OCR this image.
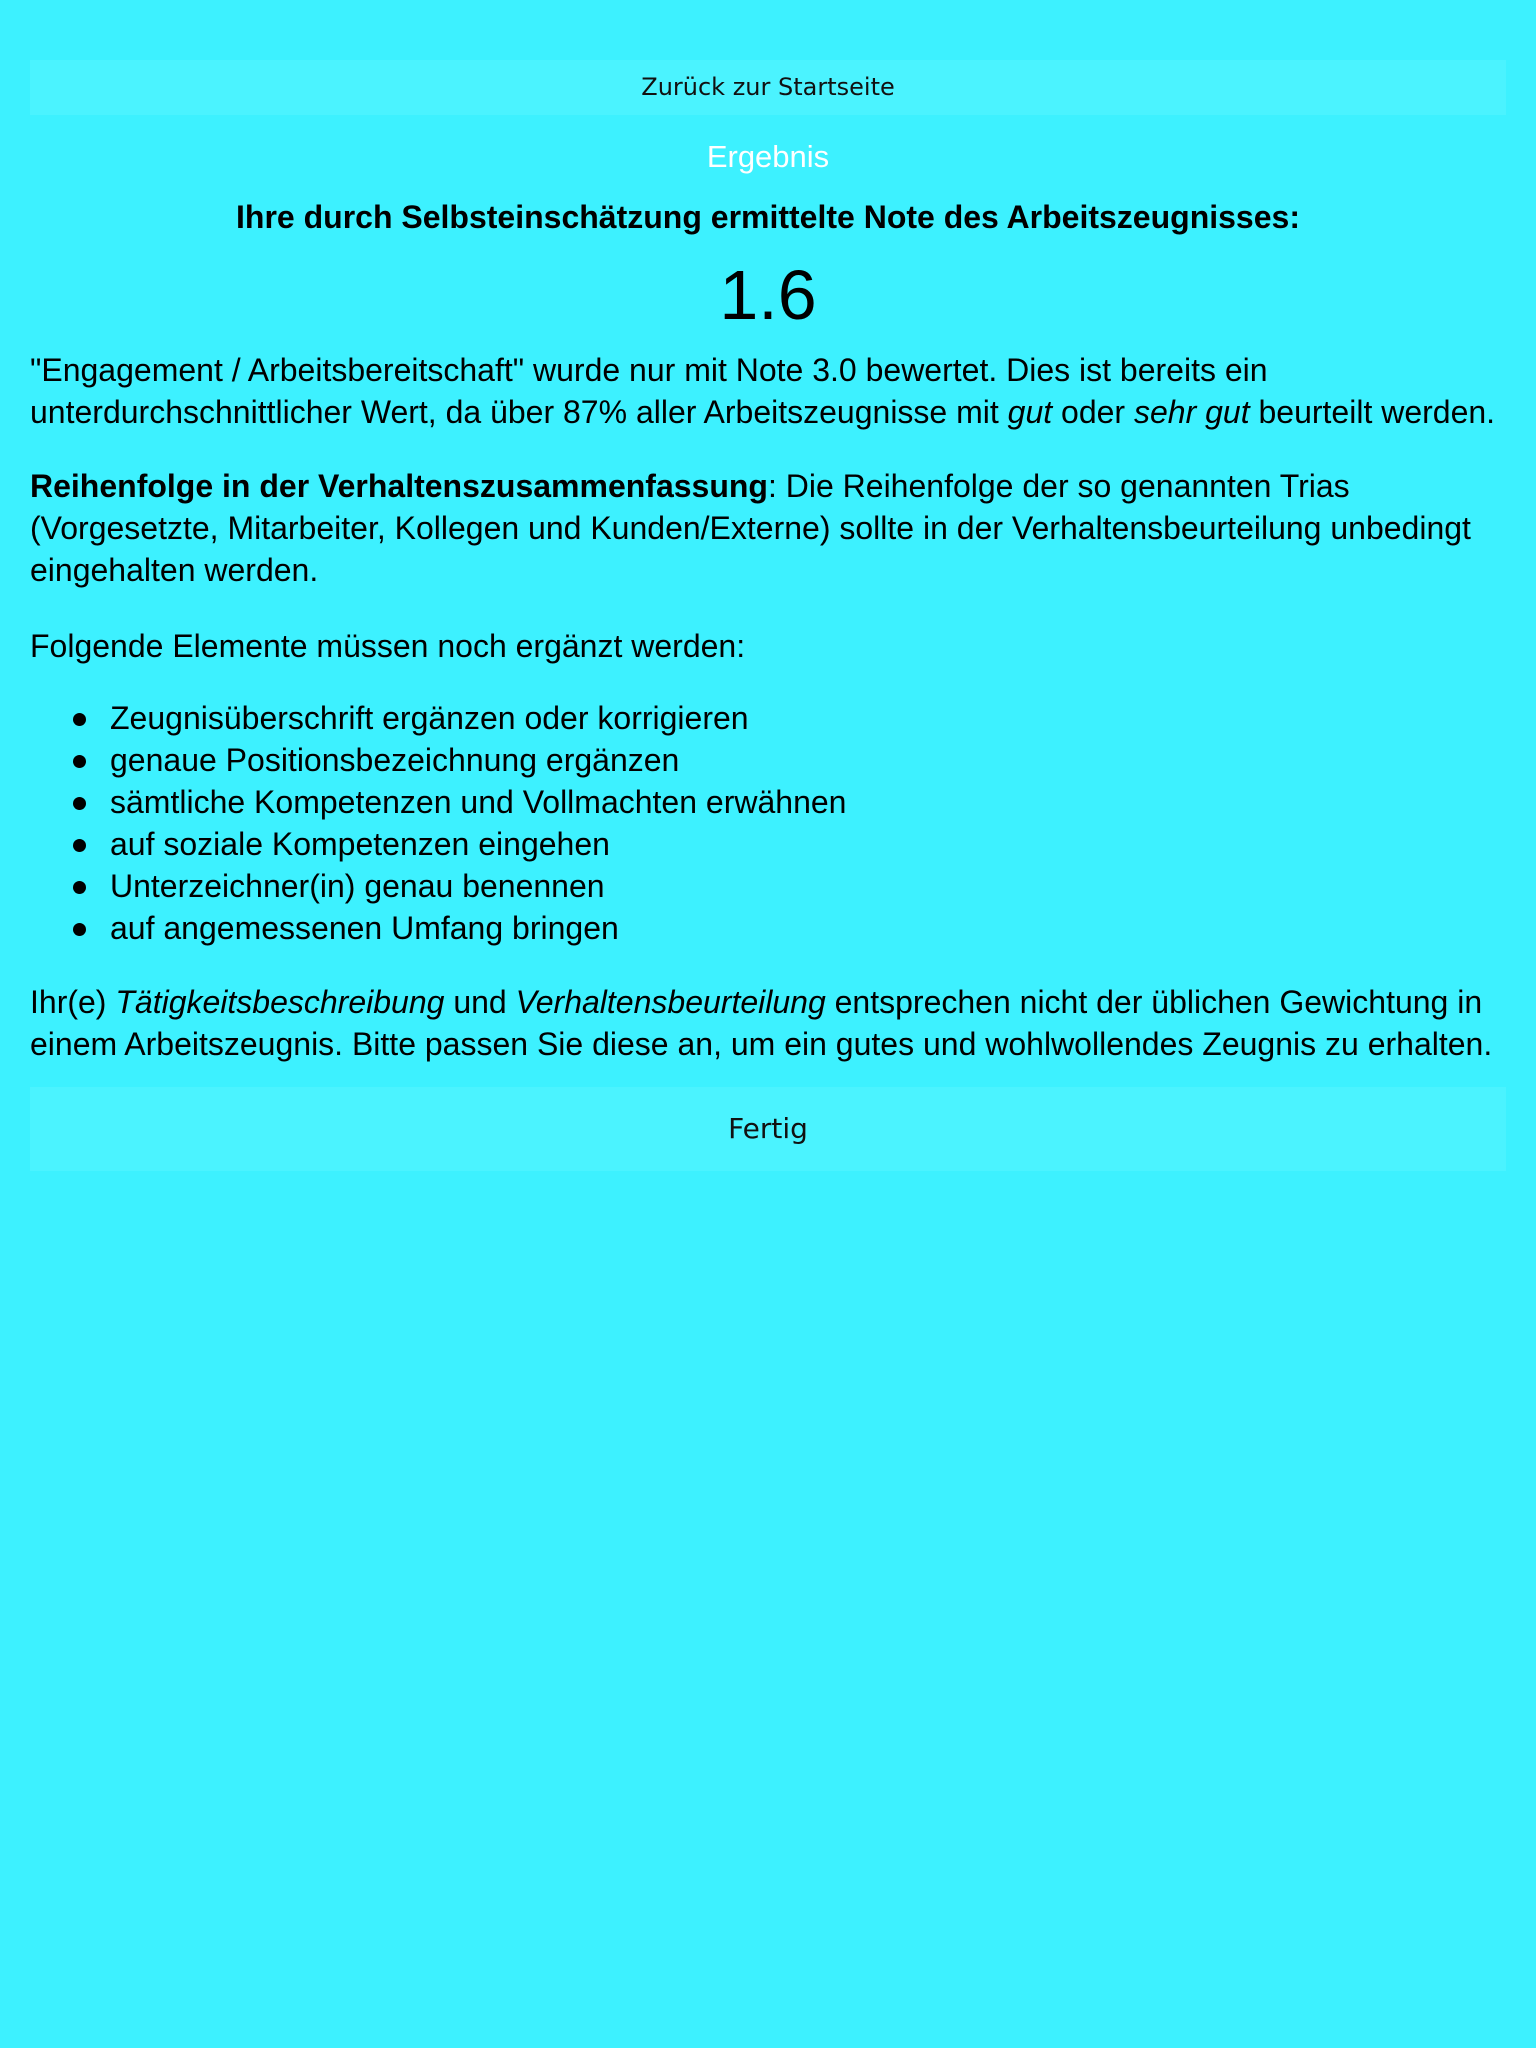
Zurück zur Startseite
Ergebnis
Ihre durch Selbsteinschätzung ermittelte Note des Arbeitszeugnisses:
1.6

"Engagement / Arbeitsbereitschaft" wurde nur mit Note 3.0 bewertet. Dies ist bereits ein unterdurchschnittlicher Wert, da über 87% aller Arbeitszeugnisse mit gut oder sehr gut beurteilt werden.

Reihenfolge in der Verhaltenszusammenfassung: Die Reihenfolge der so genannten Trias (Vorgesetzte, Mitarbeiter, Kollegen und Kunden/Externe) sollte in der Verhaltensbeurteilung unbedingt eingehalten werden.

Folgende Elemente müssen noch ergänzt werden:

Zeugnisüberschrift ergänzen oder korrigieren
genaue Positionsbezeichnung ergänzen
sämtliche Kompetenzen und Vollmachten erwähnen
auf soziale Kompetenzen eingehen
Unterzeichner(in) genau benennen
auf angemessenen Umfang bringen

Ihr(e) Tätigkeitsbeschreibung und Verhaltensbeurteilung entsprechen nicht der üblichen Gewichtung in einem Arbeitszeugnis. Bitte passen Sie diese an, um ein gutes und wohlwollendes Zeugnis zu erhalten.

Fertig
